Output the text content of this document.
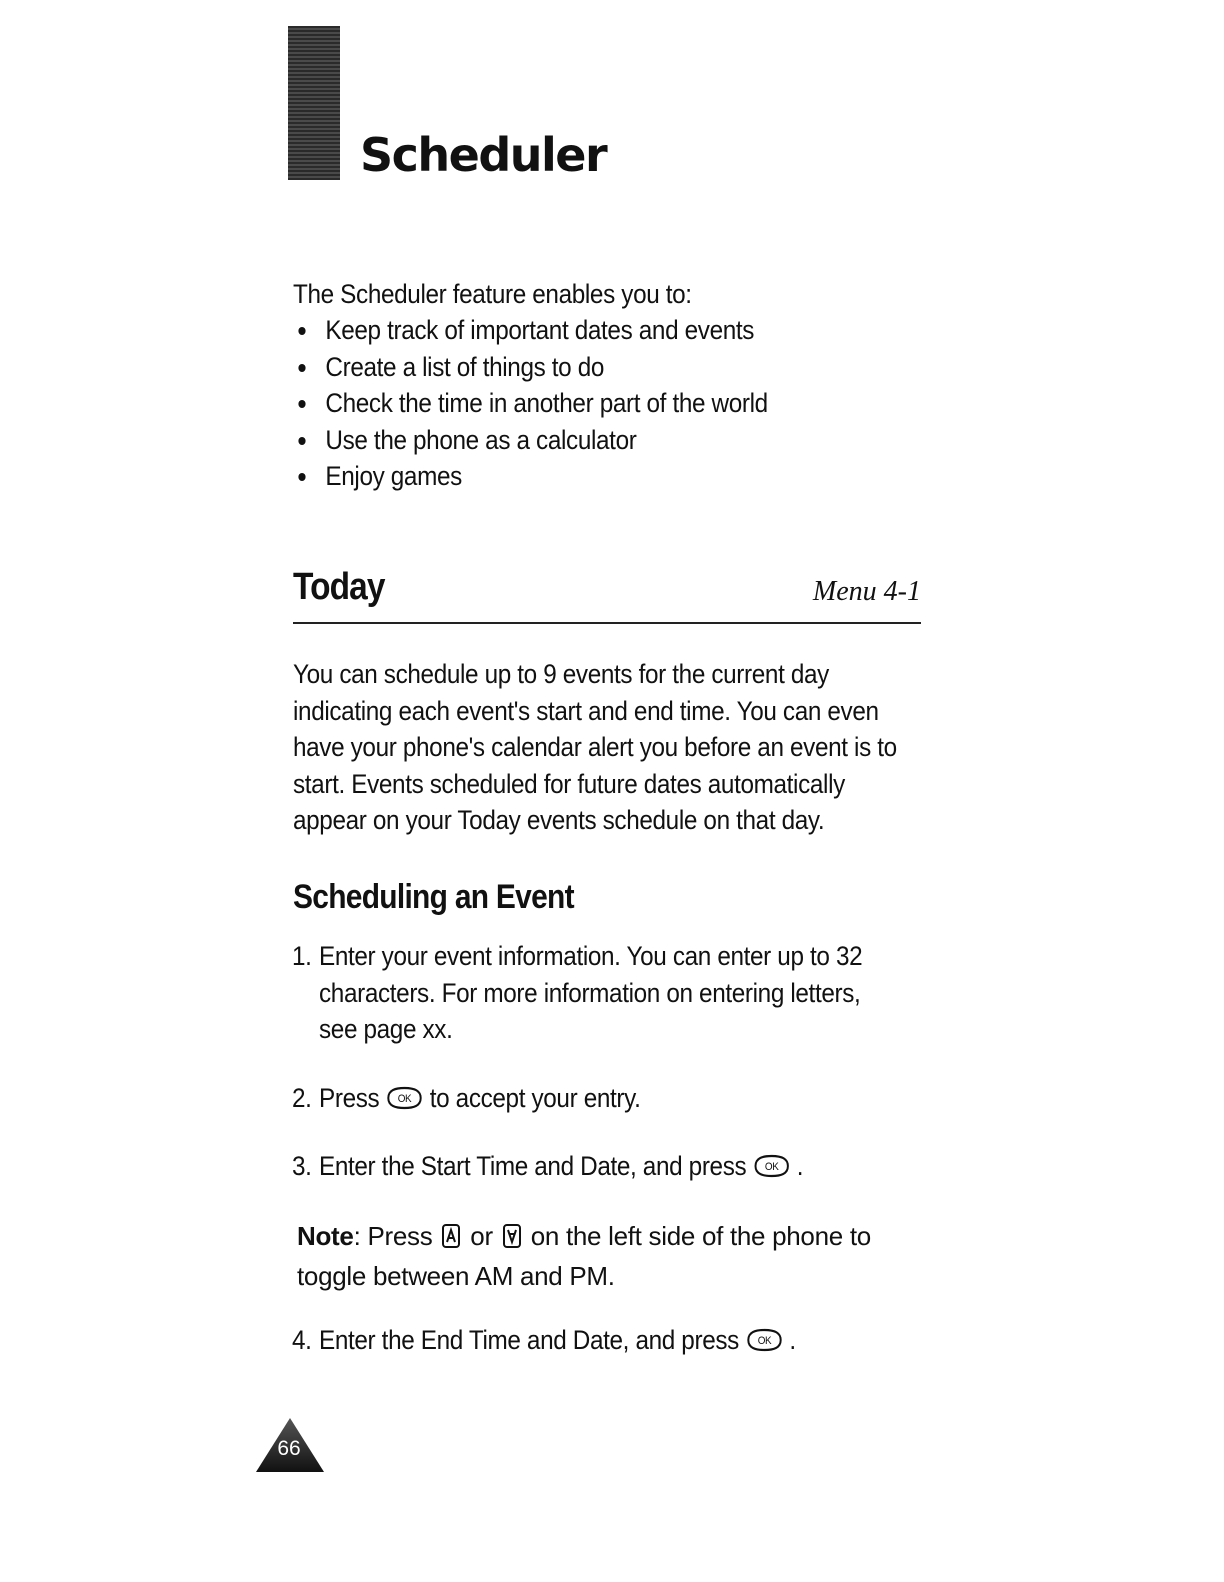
Scheduler

The Scheduler feature enables you to:

Keep track of important dates and events
Create a list of things to do
Check the time in another part of the world
Use the phone as a calculator
Enjoy games
Today	Menu 4-1

You can schedule up to 9 events for the current day indicating each event's start and end time. You can even have your phone's calendar alert you before an event is to start. Events scheduled for future dates automatically appear on your Today events schedule on that day.

Scheduling an Event

1. Enter your event information. You can enter up to 32 characters. For more information on entering letters, see page xx.

2. Press OK to accept your entry.

3. Enter the Start Time and Date, and press OK .

Note: Press or on the left side of the phone to toggle between AM and PM.

4. Enter the End Time and Date, and press OK .

66
